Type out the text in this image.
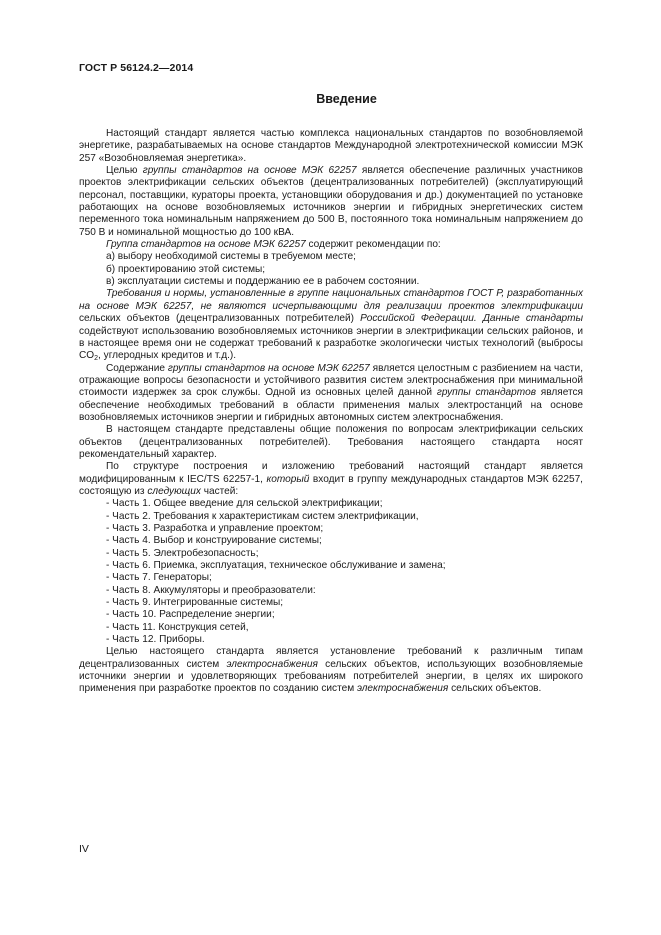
ГОСТ Р 56124.2—2014
Введение

Настоящий стандарт является частью комплекса национальных стандартов по возобновляемой энергетике, разрабатываемых на основе стандартов Международной электротехнической комиссии МЭК 257 «Возобновляемая энергетика».

Целью группы стандартов на основе МЭК 62257 является обеспечение различных участников проектов электрификации сельских объектов (децентрализованных потребителей) (эксплуатирующий персонал, поставщики, кураторы проекта, установщики оборудования и др.) документацией по установке работающих на основе возобновляемых источников энергии и гибридных энергетических систем переменного тока номинальным напряжением до 500 В, постоянного тока номинальным напряжением до 750 В и номинальной мощностью до 100 кВА.

Группа стандартов на основе МЭК 62257 содержит рекомендации по:

а) выбору необходимой системы в требуемом месте;

б) проектированию этой системы;

в) эксплуатации системы и поддержанию ее в рабочем состоянии.

Требования и нормы, установленные в группе национальных стандартов ГОСТ Р, разработанных на основе МЭК 62257, не являются исчерпывающими для реализации проектов электрификации сельских объектов (децентрализованных потребителей) Российской Федерации. Данные стандарты содействуют использованию возобновляемых источников энергии в электрификации сельских районов, и в настоящее время они не содержат требований к разработке экологически чистых технологий (выбросы $CO_2$, углеродных кредитов и т.д.).

Содержание группы стандартов на основе МЭК 62257 является целостным с разбиением на части, отражающие вопросы безопасности и устойчивого развития систем электроснабжения при минимальной стоимости издержек за срок службы. Одной из основных целей данной группы стандартов является обеспечение необходимых требований в области применения малых электростанций на основе возобновляемых источников энергии и гибридных автономных систем электроснабжения.

В настоящем стандарте представлены общие положения по вопросам электрификации сельских объектов (децентрализованных потребителей). Требования настоящего стандарта носят рекомендательный характер.

По структуре построения и изложению требований настоящий стандарт является модифицированным к IEC/TS 62257-1, который входит в группу международных стандартов МЭК 62257, состоящую из следующих частей:

- Часть 1. Общее введение для сельской электрификации;

- Часть 2. Требования к характеристикам систем электрификации,

- Часть 3. Разработка и управление проектом;

- Часть 4. Выбор и конструирование системы;

- Часть 5. Электробезопасность;

- Часть 6. Приемка, эксплуатация, техническое обслуживание и замена;

- Часть 7. Генераторы;

- Часть 8. Аккумуляторы и преобразователи:

- Часть 9. Интегрированные системы;

- Часть 10. Распределение энергии;

- Часть 11. Конструкция сетей,

- Часть 12. Приборы.

Целью настоящего стандарта является установление требований к различным типам децентрализованных систем электроснабжения сельских объектов, использующих возобновляемые источники энергии и удовлетворяющих требованиям потребителей энергии, в целях их широкого применения при разработке проектов по созданию систем электроснабжения сельских объектов.

IV
